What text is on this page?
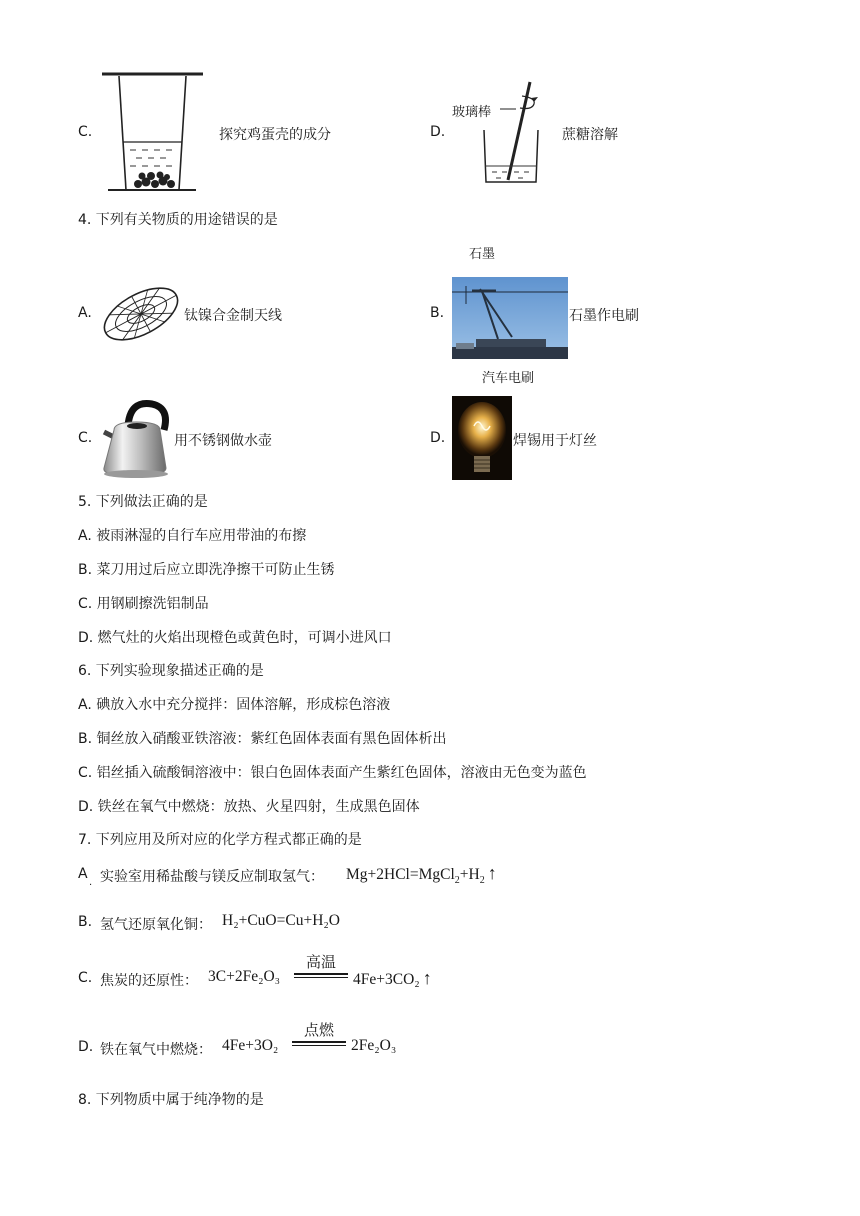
C.	探究鸡蛋壳的成分	D.
玻璃棒
蔗糖溶解
4. 下列有关物质的用途错误的是
A.	钛镍合金制天线	B.
石墨
石墨作电刷
汽车电刷
C.	用不锈钢做水壶	D.	焊锡用于灯丝
5. 下列做法正确的是
A. 被雨淋湿的自行车应用带油的布擦
B. 菜刀用过后应立即洗净擦干可防止生锈
C. 用钢刷擦洗铝制品
D. 燃气灶的火焰出现橙色或黄色时，可调小进风口
6. 下列实验现象描述正确的是
A. 碘放入水中充分搅拌：固体溶解，形成棕色溶液
B. 铜丝放入硝酸亚铁溶液：紫红色固体表面有黑色固体析出
C. 铝丝插入硫酸铜溶液中：银白色固体表面产生紫红色固体，溶液由无色变为蓝色
D. 铁丝在氧气中燃烧：放热、火星四射，生成黑色固体
7. 下列应用及所对应的化学方程式都正确的是
A
·
实验室用稀盐酸与镁反应制取氢气： $Mg+2HCl=MgCl_2+H_2$ ↑
B. 氢气还原氧化铜： H₂+CuO=Cu+H₂O
C. 焦炭的还原性： 3C+2Fe₂O₃
高温
4Fe+3CO₂ ↑
D. 铁在氧气中燃烧： 4Fe+3O₂
点燃
2Fe₂O₃
8. 下列物质中属于纯净物的是
